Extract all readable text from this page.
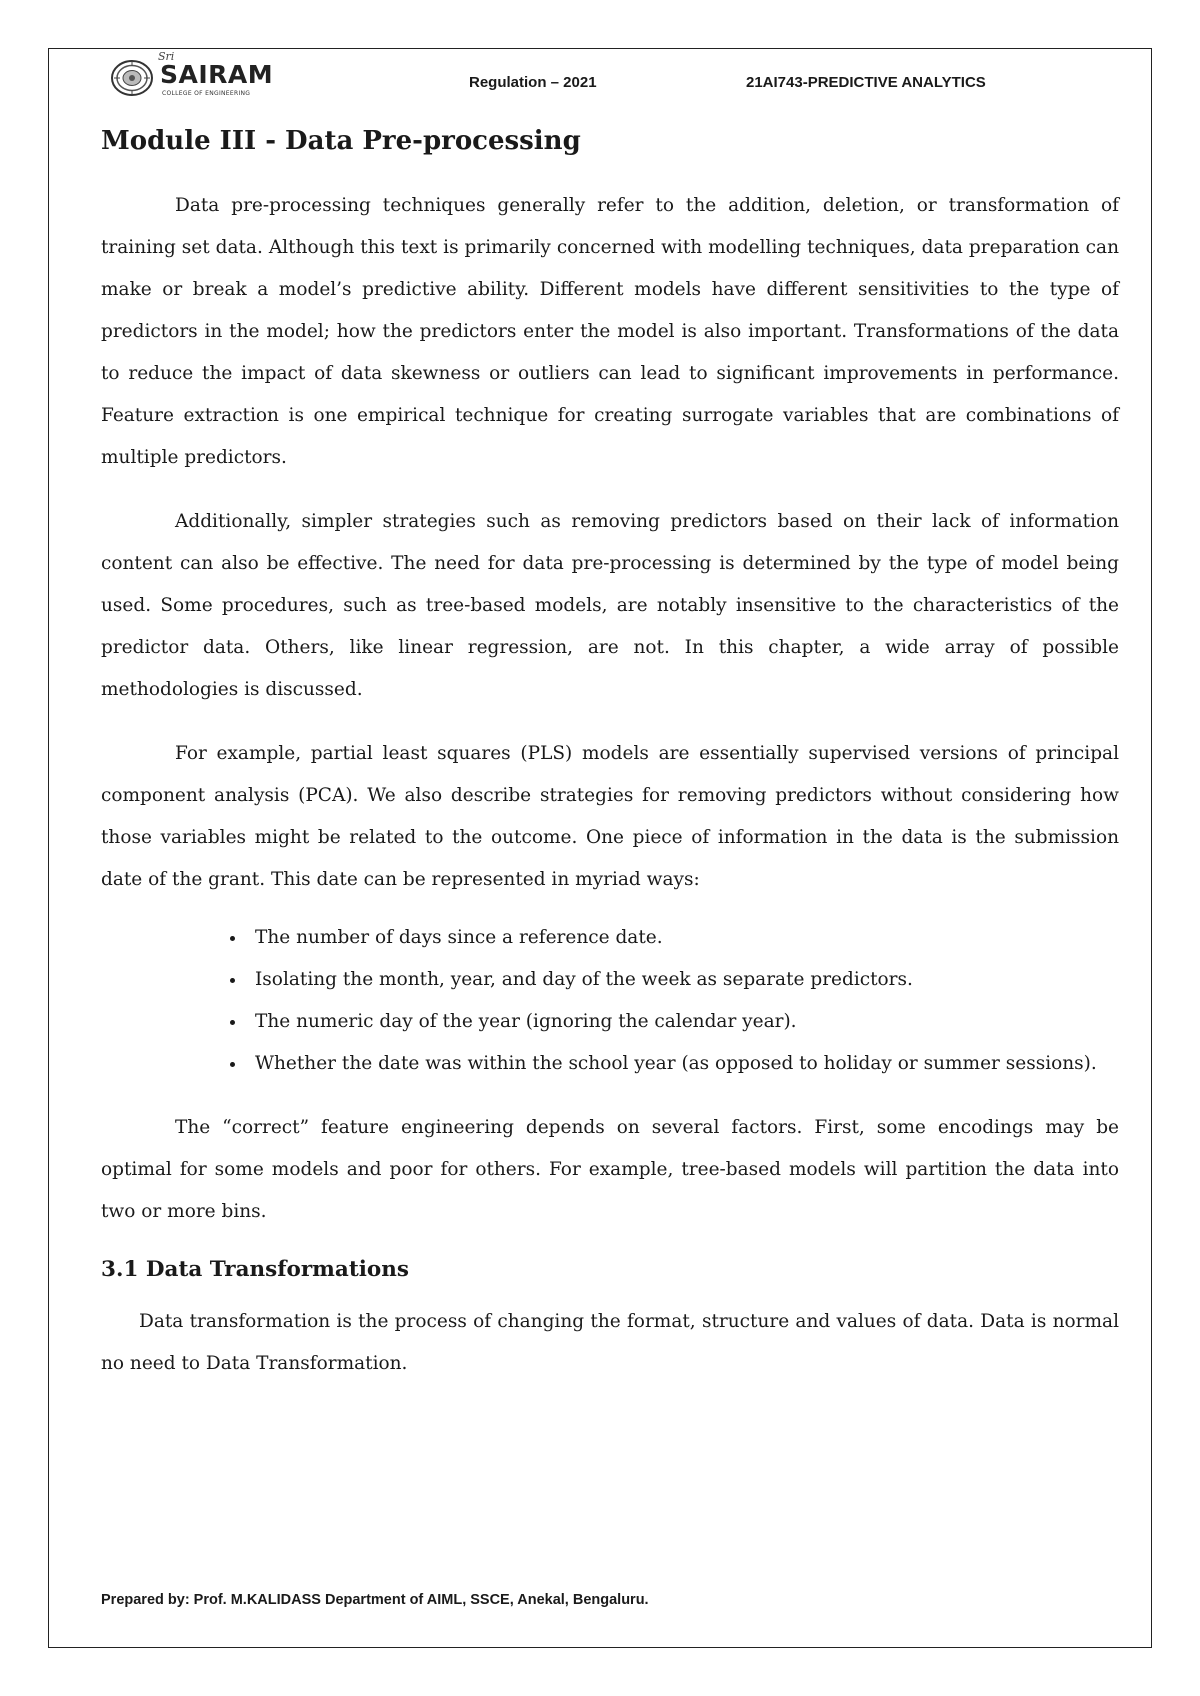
Sri
SAIRAM
COLLEGE OF ENGINEERING
Regulation – 2021	21AI743-PREDICTIVE ANALYTICS
Module III - Data Pre-processing

Data pre-processing techniques generally refer to the addition, deletion, or transformation of training set data. Although this text is primarily concerned with modelling techniques, data preparation can make or break a model’s predictive ability. Different models have different sensitivities to the type of predictors in the model; how the predictors enter the model is also important. Transformations of the data to reduce the impact of data skewness or outliers can lead to significant improvements in performance. Feature extraction is one empirical technique for creating surrogate variables that are combinations of multiple predictors.

Additionally, simpler strategies such as removing predictors based on their lack of information content can also be effective. The need for data pre-processing is determined by the type of model being used. Some procedures, such as tree-based models, are notably insensitive to the characteristics of the predictor data. Others, like linear regression, are not. In this chapter, a wide array of possible methodologies is discussed.

For example, partial least squares (PLS) models are essentially supervised versions of principal component analysis (PCA). We also describe strategies for removing predictors without considering how those variables might be related to the outcome. One piece of information in the data is the submission date of the grant. This date can be represented in myriad ways:

• The number of days since a reference date.
• Isolating the month, year, and day of the week as separate predictors.
• The numeric day of the year (ignoring the calendar year).
• Whether the date was within the school year (as opposed to holiday or summer sessions).

The “correct” feature engineering depends on several factors. First, some encodings may be optimal for some models and poor for others. For example, tree-based models will partition the data into two or more bins.

3.1 Data Transformations

Data transformation is the process of changing the format, structure and values of data. Data is normal no need to Data Transformation.

Prepared by: Prof. M.KALIDASS Department of AIML, SSCE, Anekal, Bengaluru.
